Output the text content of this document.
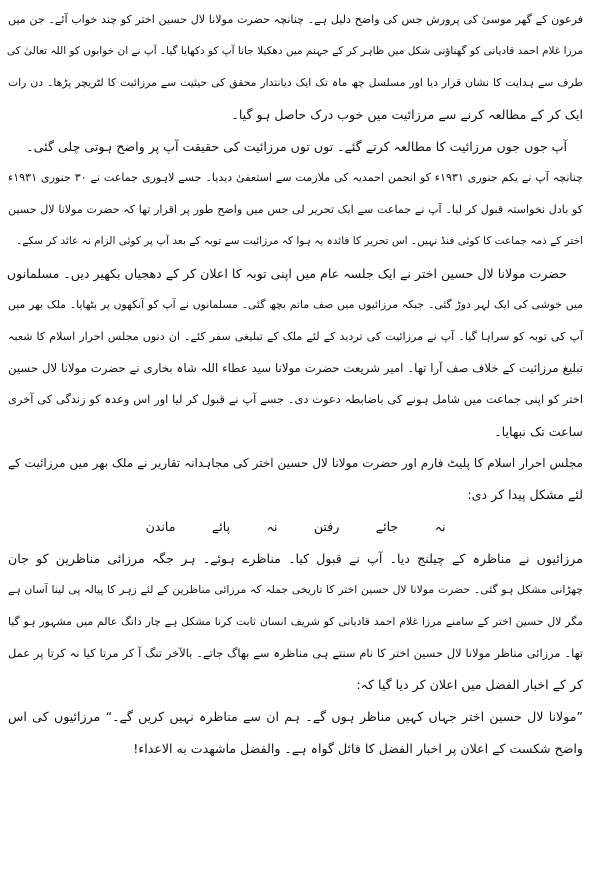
فرعون کے گھر موسیٰ کی پرورش جس کی واضح دلیل ہے۔ چنانچہ حضرت مولانا لال حسین اختر کو چند خواب آئے۔ جن میں
مرزا غلام احمد قادیانی کو گھناؤنی شکل میں ظاہر کر کے جہنم میں دھکیلا جانا آپ کو دکھایا گیا۔ آپ نے ان خوابوں کو اللہ تعالیٰ کی
طرف سے ہدایت کا نشان قرار دیا اور مسلسل چھ ماہ تک ایک دیانتدار محقق کی حیثیت سے مرزائیت کا لٹریچر پڑھا۔ دن رات
ایک کر کے مطالعہ کرنے سے مرزائیت میں خوب درک حاصل ہو گیا۔
آپ جوں جوں مرزائیت کا مطالعہ کرتے گئے۔ توں توں مرزائیت کی حقیقت آپ پر واضح ہوتی چلی گئی۔
چنانچہ آپ نے یکم جنوری ۱۹۳۱ء کو انجمن احمدیہ کی ملازمت سے استعفیٰ دیدیا۔ جسے لاہوری جماعت نے ۳۰ جنوری ۱۹۳۱ء
کو بادل نخواستہ قبول کر لیا۔ آپ نے جماعت سے ایک تحریر لی جس میں واضح طور پر اقرار تھا کہ حضرت مولانا لال حسین
اختر کے ذمہ جماعت کا کوئی فنڈ نہیں۔ اس تحریر کا فائدہ یہ ہوا کہ مرزائیت سے توبہ کے بعد آپ پر کوئی الزام نہ عائد کر سکے۔
حضرت مولانا لال حسین اختر نے ایک جلسہ عام میں اپنی توبہ کا اعلان کر کے دھجیاں بکھیر دیں۔ مسلمانوں
میں خوشی کی ایک لہر دوڑ گئی۔ جبکہ مرزائیوں میں صف ماتم بچھ گئی۔ مسلمانوں نے آپ کو آنکھوں پر بٹھایا۔ ملک بھر میں
آپ کی توبہ کو سراہا گیا۔ آپ نے مرزائیت کی تردید کے لئے ملک کے تبلیغی سفر کئے۔ ان دنوں مجلس احرار اسلام کا شعبہ
تبلیغ مرزائیت کے خلاف صف آرا تھا۔ امیر شریعت حضرت مولانا سید عطاء اللہ شاہ بخاری نے حضرت مولانا لال حسین
اختر کو اپنی جماعت میں شامل ہونے کی باضابطہ دعوت دی۔ جسے آپ نے قبول کر لیا اور اس وعدہ کو زندگی کی آخری
ساعت تک نبھایا۔
مجلس احرار اسلام کا پلیٹ فارم اور حضرت مولانا لال حسین اختر کی مجاہدانہ تقاریر نے ملک بھر میں مرزائیت کے
لئے مشکل پیدا کر دی:
نہ
جائے
رفتن
نہ
پائے
ماندن
مرزائیوں نے مناظرہ کے چیلنج دیا۔ آپ نے قبول کیا۔ مناظرے ہوئے۔ ہر جگہ مرزائی مناظرین کو جان
چھڑانی مشکل ہو گئی۔ حضرت مولانا لال حسین اختر کا تاریخی جملہ کہ مرزائی مناظرین کے لئے زہر کا پیالہ پی لینا آسان ہے
مگر لال حسین اختر کے سامنے مرزا غلام احمد قادیانی کو شریف انسان ثابت کرنا مشکل ہے چار دانگ عالم میں مشہور ہو گیا
تھا۔ مرزائی مناظر مولانا لال حسین اختر کا نام سنتے ہی مناظرہ سے بھاگ جاتے۔ بالآخر تنگ آ کر مرتا کیا نہ کرتا پر عمل
کر کے اخبار الفضل میں اعلان کر دیا گیا کہ:
”مولانا لال حسین اختر جہاں کہیں مناظر ہوں گے۔ ہم ان سے مناظرہ نہیں کریں گے۔“ مرزائیوں کی اس
واضح شکست کے اعلان پر اخبار الفضل کا فائل گواہ ہے۔ والفضل ماشهدت به الاعداء!
